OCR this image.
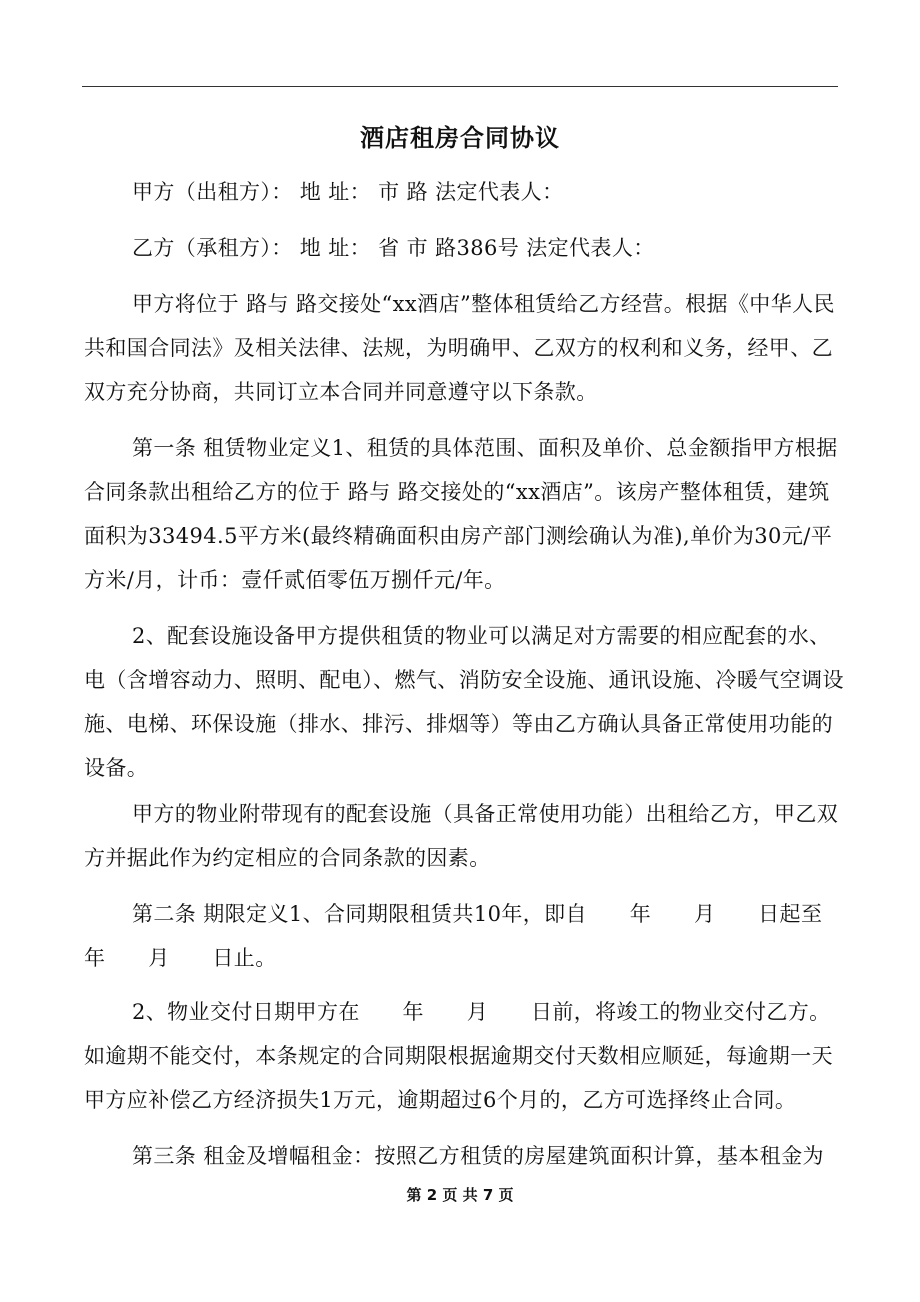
酒店租房合同协议

甲方（出租方）： 地 址： 市 路 法定代表人：

乙方（承租方）： 地 址： 省 市 路386号 法定代表人：

甲方将位于 路与 路交接处“xx酒店”整体租赁给乙方经营。根据《中华人民共和国合同法》及相关法律、法规，为明确甲、乙双方的权利和义务，经甲、乙双方充分协商，共同订立本合同并同意遵守以下条款。

第一条 租赁物业定义1、租赁的具体范围、面积及单价、总金额指甲方根据合同条款出租给乙方的位于 路与 路交接处的“xx酒店”。该房产整体租赁，建筑面积为33494.5平方米(最终精确面积由房产部门测绘确认为准),单价为30元/平方米/月，计币：壹仟贰佰零伍万捌仟元/年。

2、配套设施设备甲方提供租赁的物业可以满足对方需要的相应配套的水、电（含增容动力、照明、配电）、燃气、消防安全设施、通讯设施、冷暖气空调设施、电梯、环保设施（排水、排污、排烟等）等由乙方确认具备正常使用功能的设备。

甲方的物业附带现有的配套设施（具备正常使用功能）出租给乙方，甲乙双方并据此作为约定相应的合同条款的因素。

第二条 期限定义1、合同期限租赁共10年，即自　　年　　月　　日起至　　年　　月　　日止。

2、物业交付日期甲方在　　年　　月　　日前，将竣工的物业交付乙方。如逾期不能交付，本条规定的合同期限根据逾期交付天数相应顺延，每逾期一天甲方应补偿乙方经济损失1万元，逾期超过6个月的，乙方可选择终止合同。

第三条 租金及增幅租金：按照乙方租赁的房屋建筑面积计算，基本租金为

第 2 页 共 7 页
